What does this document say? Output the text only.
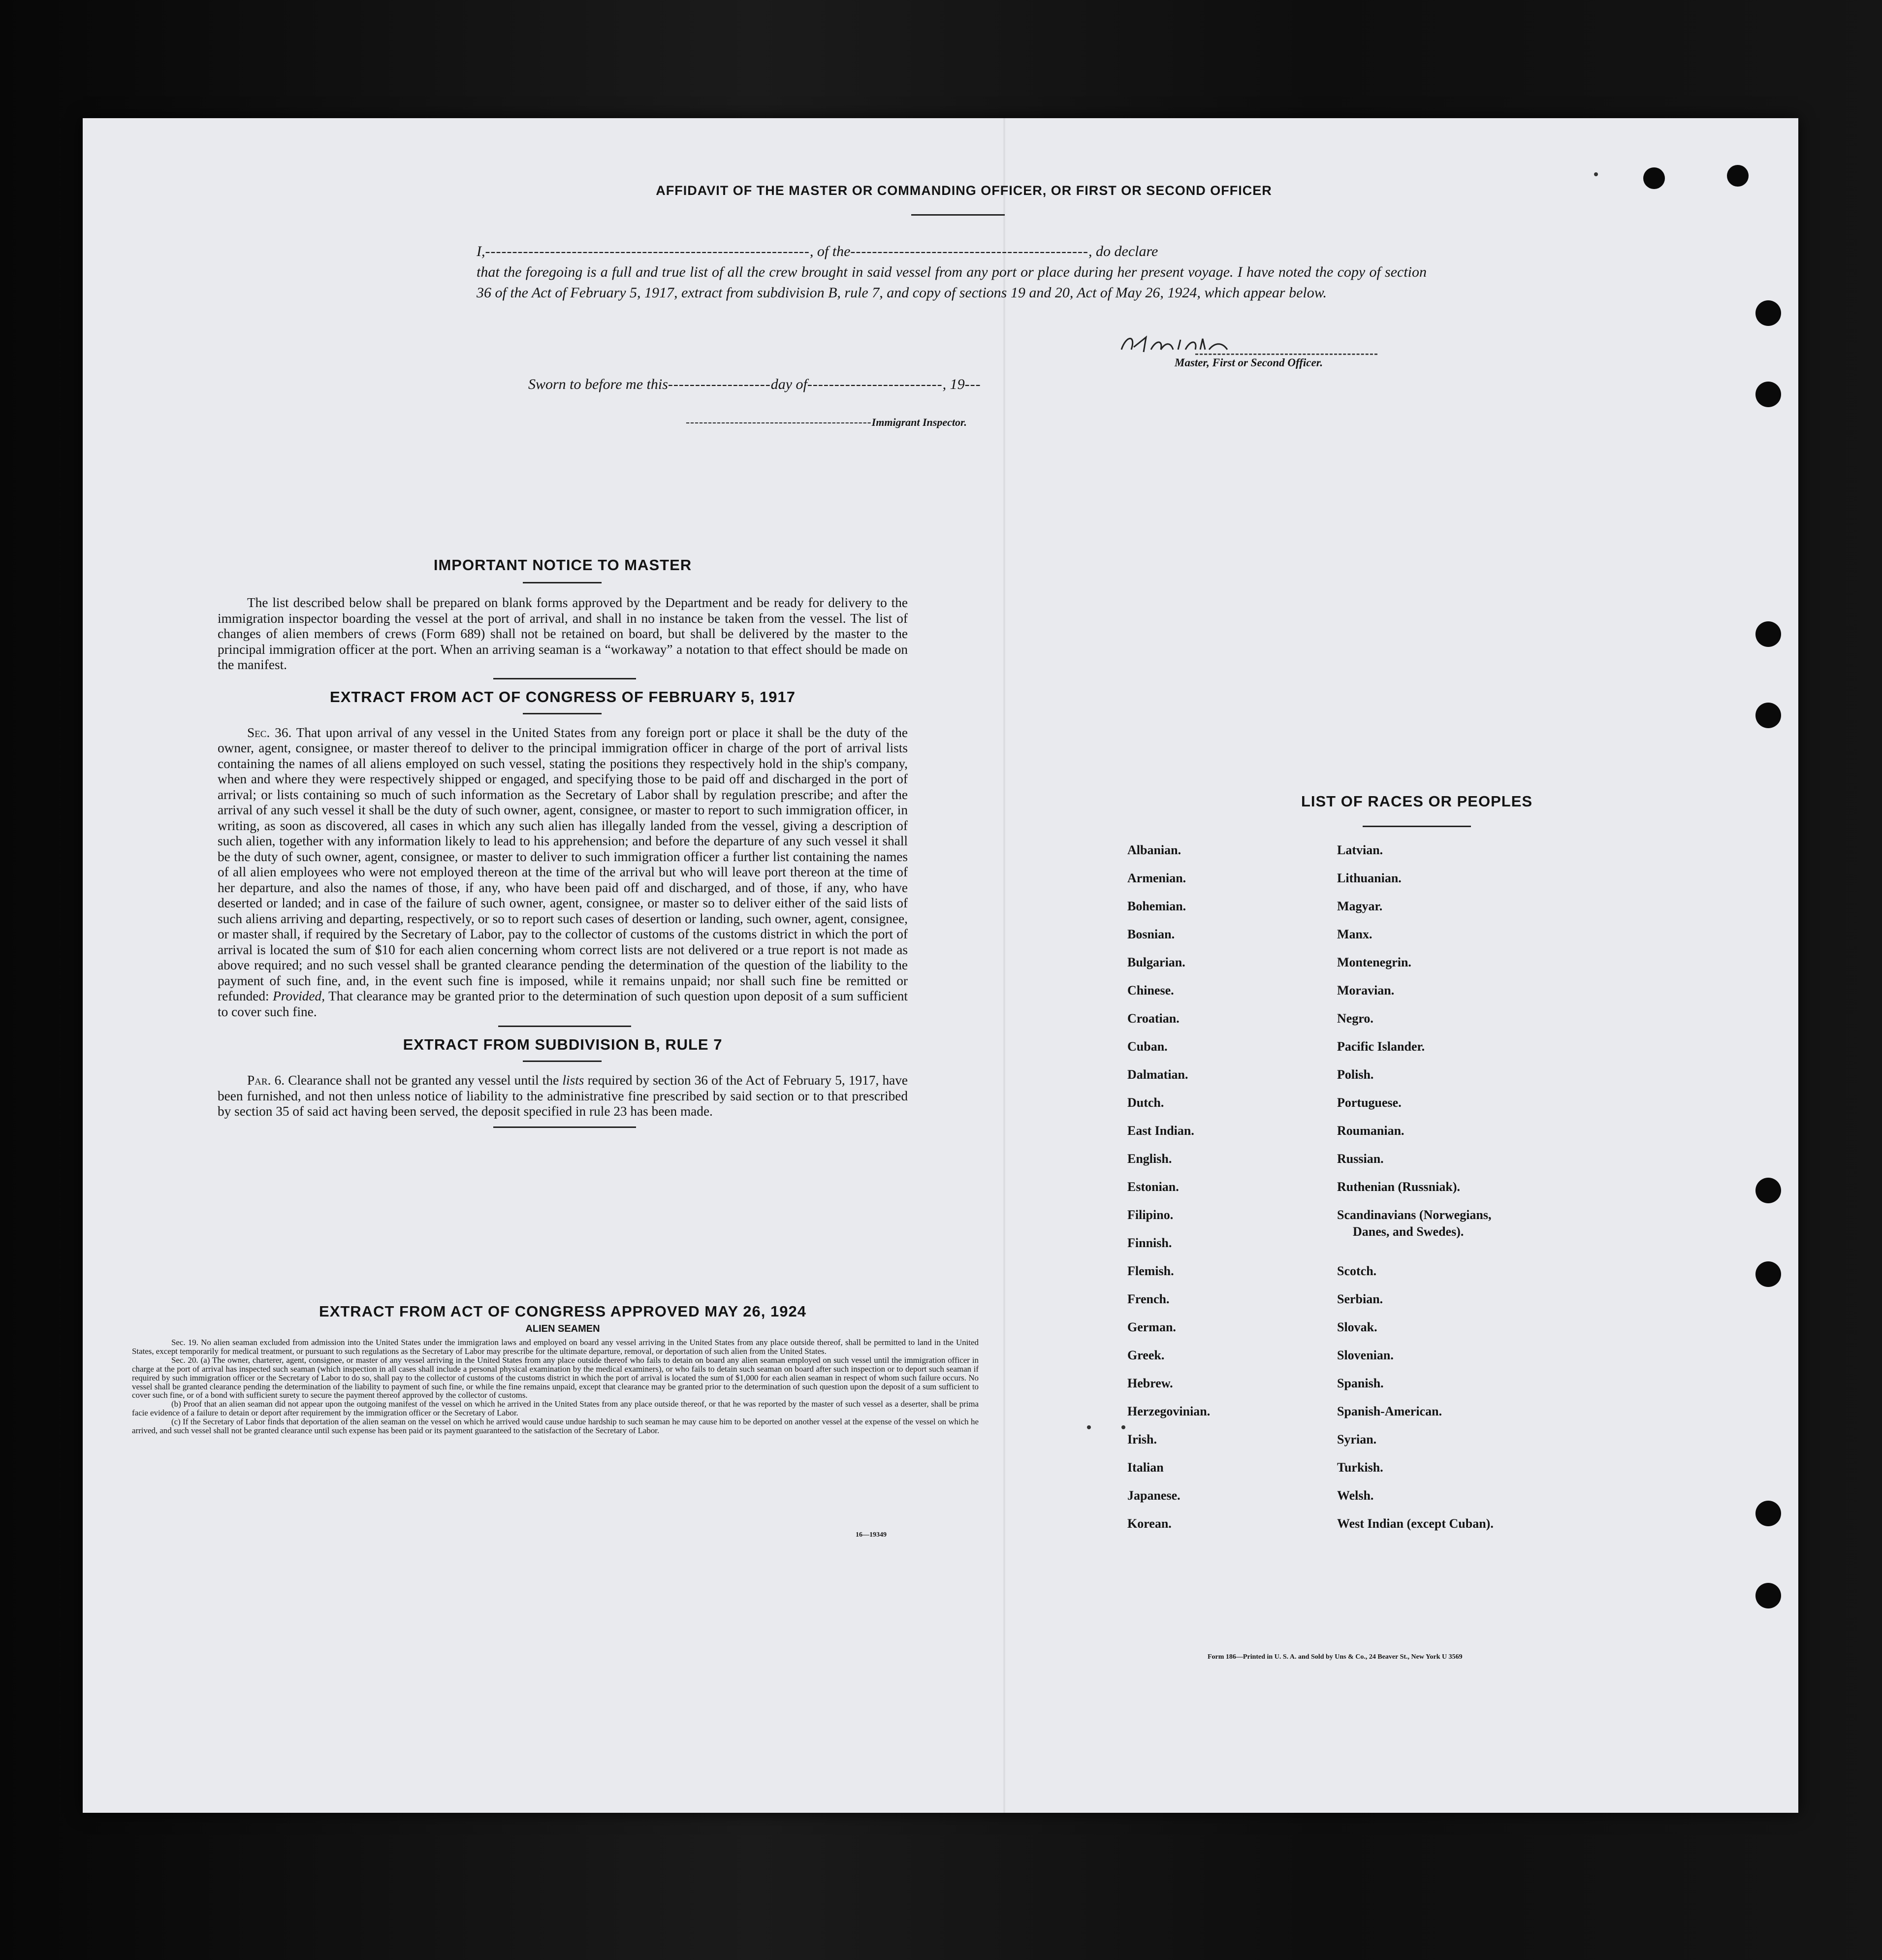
AFFIDAVIT OF THE MASTER OR COMMANDING OFFICER, OR FIRST OR SECOND OFFICER
I,------------------------------------------------------------, of the--------------------------------------------, do declare
that the foregoing is a full and true list of all the crew brought in said vessel from any port or place during her present voyage. I have noted the copy of section 36 of the Act of February 5, 1917, extract from subdivision B, rule 7, and copy of sections 19 and 20, Act of May 26, 1924, which appear below.
Master, First or Second Officer.
Sworn to before me this-------------------day of-------------------------, 19---
------------------------------------------Immigrant Inspector.
IMPORTANT NOTICE TO MASTER

The list described below shall be prepared on blank forms approved by the Department and be ready for delivery to the immigration inspector boarding the vessel at the port of arrival, and shall in no instance be taken from the vessel. The list of changes of alien members of crews (Form 689) shall not be retained on board, but shall be delivered by the master to the principal immigration officer at the port. When an arriving seaman is a “workaway” a notation to that effect should be made on the manifest.

EXTRACT FROM ACT OF CONGRESS OF FEBRUARY 5, 1917

Sec. 36. That upon arrival of any vessel in the United States from any foreign port or place it shall be the duty of the owner, agent, consignee, or master thereof to deliver to the principal immigration officer in charge of the port of arrival lists containing the names of all aliens employed on such vessel, stating the positions they respectively hold in the ship's company, when and where they were respectively shipped or engaged, and specifying those to be paid off and discharged in the port of arrival; or lists containing so much of such information as the Secretary of Labor shall by regulation prescribe; and after the arrival of any such vessel it shall be the duty of such owner, agent, consignee, or master to report to such immigration officer, in writing, as soon as discovered, all cases in which any such alien has illegally landed from the vessel, giving a description of such alien, together with any information likely to lead to his apprehension; and before the departure of any such vessel it shall be the duty of such owner, agent, consignee, or master to deliver to such immigration officer a further list containing the names of all alien employees who were not employed thereon at the time of the arrival but who will leave port thereon at the time of her departure, and also the names of those, if any, who have been paid off and discharged, and of those, if any, who have deserted or landed; and in case of the failure of such owner, agent, consignee, or master so to deliver either of the said lists of such aliens arriving and departing, respectively, or so to report such cases of desertion or landing, such owner, agent, consignee, or master shall, if required by the Secretary of Labor, pay to the collector of customs of the customs district in which the port of arrival is located the sum of $10 for each alien concerning whom correct lists are not delivered or a true report is not made as above required; and no such vessel shall be granted clearance pending the determination of the question of the liability to the payment of such fine, and, in the event such fine is imposed, while it remains unpaid; nor shall such fine be remitted or refunded: Provided, That clearance may be granted prior to the determination of such question upon deposit of a sum sufficient to cover such fine.

EXTRACT FROM SUBDIVISION B, RULE 7

Par. 6. Clearance shall not be granted any vessel until the lists required by section 36 of the Act of February 5, 1917, have been furnished, and not then unless notice of liability to the administrative fine prescribed by said section or to that prescribed by section 35 of said act having been served, the deposit specified in rule 23 has been made.

EXTRACT FROM ACT OF CONGRESS APPROVED MAY 26, 1924
ALIEN SEAMEN

Sec. 19. No alien seaman excluded from admission into the United States under the immigration laws and employed on board any vessel arriving in the United States from any place outside thereof, shall be permitted to land in the United States, except temporarily for medical treatment, or pursuant to such regulations as the Secretary of Labor may prescribe for the ultimate departure, removal, or deportation of such alien from the United States.

Sec. 20. (a) The owner, charterer, agent, consignee, or master of any vessel arriving in the United States from any place outside thereof who fails to detain on board any alien seaman employed on such vessel until the immigration officer in charge at the port of arrival has inspected such seaman (which inspection in all cases shall include a personal physical examination by the medical examiners), or who fails to detain such seaman on board after such inspection or to deport such seaman if required by such immigration officer or the Secretary of Labor to do so, shall pay to the collector of customs of the customs district in which the port of arrival is located the sum of $1,000 for each alien seaman in respect of whom such failure occurs. No vessel shall be granted clearance pending the determination of the liability to payment of such fine, or while the fine remains unpaid, except that clearance may be granted prior to the determination of such question upon the deposit of a sum sufficient to cover such fine, or of a bond with sufficient surety to secure the payment thereof approved by the collector of customs.

(b) Proof that an alien seaman did not appear upon the outgoing manifest of the vessel on which he arrived in the United States from any place outside thereof, or that he was reported by the master of such vessel as a deserter, shall be prima facie evidence of a failure to detain or deport after requirement by the immigration officer or the Secretary of Labor.

(c) If the Secretary of Labor finds that deportation of the alien seaman on the vessel on which he arrived would cause undue hardship to such seaman he may cause him to be deported on another vessel at the expense of the vessel on which he arrived, and such vessel shall not be granted clearance until such expense has been paid or its payment guaranteed to the satisfaction of the Secretary of Labor.

16—19349
LIST OF RACES OR PEOPLES
Albanian.
Armenian.
Bohemian.
Bosnian.
Bulgarian.
Chinese.
Croatian.
Cuban.
Dalmatian.
Dutch.
East Indian.
English.
Estonian.
Filipino.
Finnish.
Flemish.
French.
German.
Greek.
Hebrew.
Herzegovinian.
Irish.
Italian
Japanese.
Korean.
Latvian.
Lithuanian.
Magyar.
Manx.
Montenegrin.
Moravian.
Negro.
Pacific Islander.
Polish.
Portuguese.
Roumanian.
Russian.
Ruthenian (Russniak).
Scandinavians (Norwegians,
Danes, and Swedes).
Scotch.
Serbian.
Slovak.
Slovenian.
Spanish.
Spanish-American.
Syrian.
Turkish.
Welsh.
West Indian (except Cuban).
Form 186—Printed in U. S. A. and Sold by Uns & Co., 24 Beaver St., New York U 3569
